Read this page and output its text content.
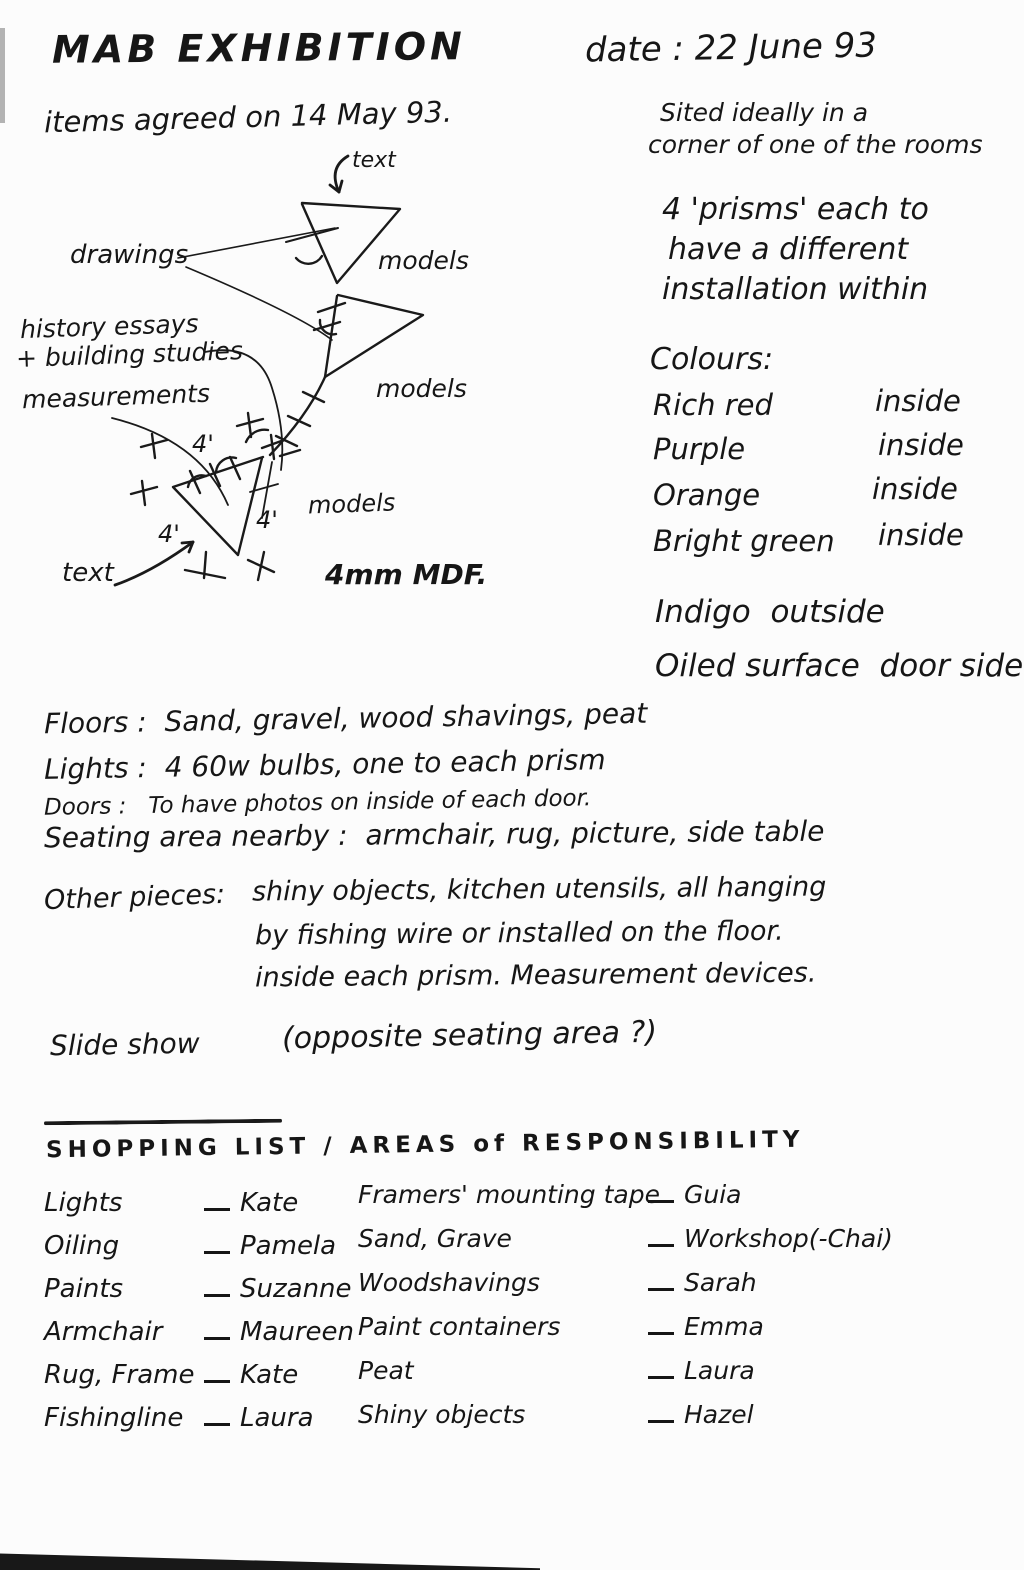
MAB EXHIBITION	date : 22 June 93
items agreed on 14 May 93.	Sited ideally in a
corner of one of the rooms
text
drawings	models
history essays
+ building studies
measurements	models
models
4'
4'	4'
text	4mm MDF.
4 'prisms' each to
have a different
installation within
Colours:
Rich red	inside
Purple	inside
Orange	inside
Bright green inside
Indigo outside
Oiled surface door side
Floors : Sand, gravel, wood shavings, peat
Lights : 4 60w bulbs, one to each prism
Doors : To have photos on inside of each door.
Seating area nearby : armchair, rug, picture, side table
Other pieces: shiny objects, kitchen utensils, all hanging
by fishing wire or installed on the floor.
inside each prism. Measurement devices.
Slide show	(opposite seating area ?)
SHOPPING LIST / AREAS of RESPONSIBILITY
Lights	Kate
Oiling	Pamela
Paints	Suzanne
Armchair	Maureen
Rug, Frame Kate
Fishingline	Laura
Framers' mounting tape Guia
Sand, Grave	Workshop(-Chai)
Woodshavings	Sarah
Paint containers	Emma
Peat	Laura
Shiny objects	Hazel
